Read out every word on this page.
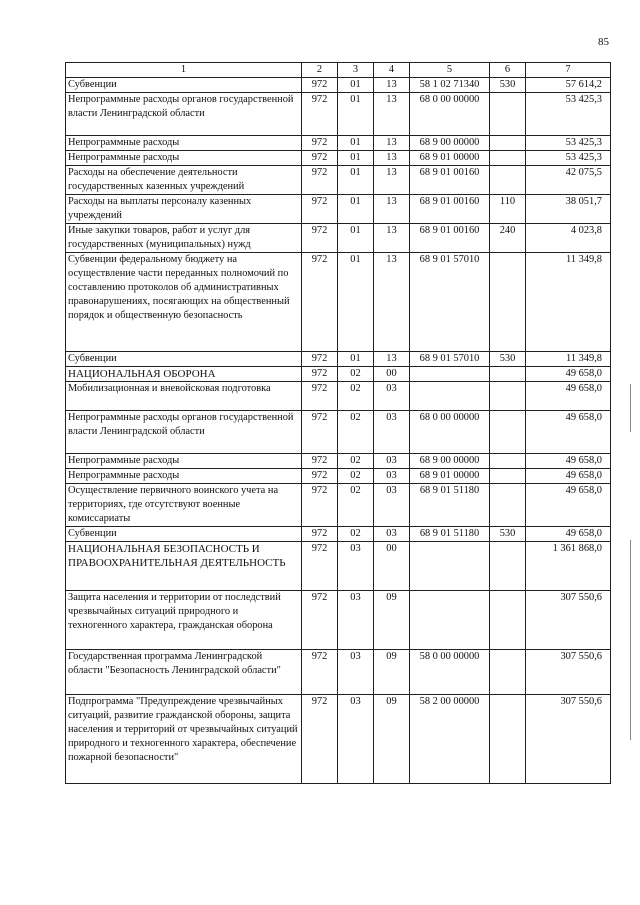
85
1	2	3	4	5	6	7
Субвенции	972	01	13	58 1 02 71340	530	57 614,2
Непрограммные расходы органов государственной власти Ленинградской области	972	01	13	68 0 00 00000		53 425,3
Непрограммные расходы	972	01	13	68 9 00 00000		53 425,3
Непрограммные расходы	972	01	13	68 9 01 00000		53 425,3
Расходы на обеспечение деятельности государственных казенных учреждений	972	01	13	68 9 01 00160		42 075,5
Расходы на выплаты персоналу казенных учреждений	972	01	13	68 9 01 00160	110	38 051,7
Иные закупки товаров, работ и услуг для государственных (муниципальных) нужд	972	01	13	68 9 01 00160	240	4 023,8
Субвенции федеральному бюджету на осуществление части переданных полномочий по составлению протоколов об административных правонарушениях, посягающих на общественный порядок и общественную безопасность	972	01	13	68 9 01 57010		11 349,8
Субвенции	972	01	13	68 9 01 57010	530	11 349,8
НАЦИОНАЛЬНАЯ ОБОРОНА	972	02	00			49 658,0
Мобилизационная и вневойсковая подготовка	972	02	03			49 658,0
Непрограммные расходы органов государственной власти Ленинградской области	972	02	03	68 0 00 00000		49 658,0
Непрограммные расходы	972	02	03	68 9 00 00000		49 658,0
Непрограммные расходы	972	02	03	68 9 01 00000		49 658,0
Осуществление первичного воинского учета на территориях, где отсутствуют военные комиссариаты	972	02	03	68 9 01 51180		49 658,0
Субвенции	972	02	03	68 9 01 51180	530	49 658,0
НАЦИОНАЛЬНАЯ БЕЗОПАСНОСТЬ И ПРАВООХРАНИТЕЛЬНАЯ ДЕЯТЕЛЬНОСТЬ	972	03	00			1 361 868,0
Защита населения и территории от последствий чрезвычайных ситуаций природного и техногенного характера, гражданская оборона	972	03	09			307 550,6
Государственная программа Ленинградской области "Безопасность Ленинградской области"	972	03	09	58 0 00 00000		307 550,6
Подпрограмма "Предупреждение чрезвычайных ситуаций, развитие гражданской обороны, защита населения и территорий от чрезвычайных ситуаций природного и техногенного характера, обеспечение пожарной безопасности"	972	03	09	58 2 00 00000		307 550,6
